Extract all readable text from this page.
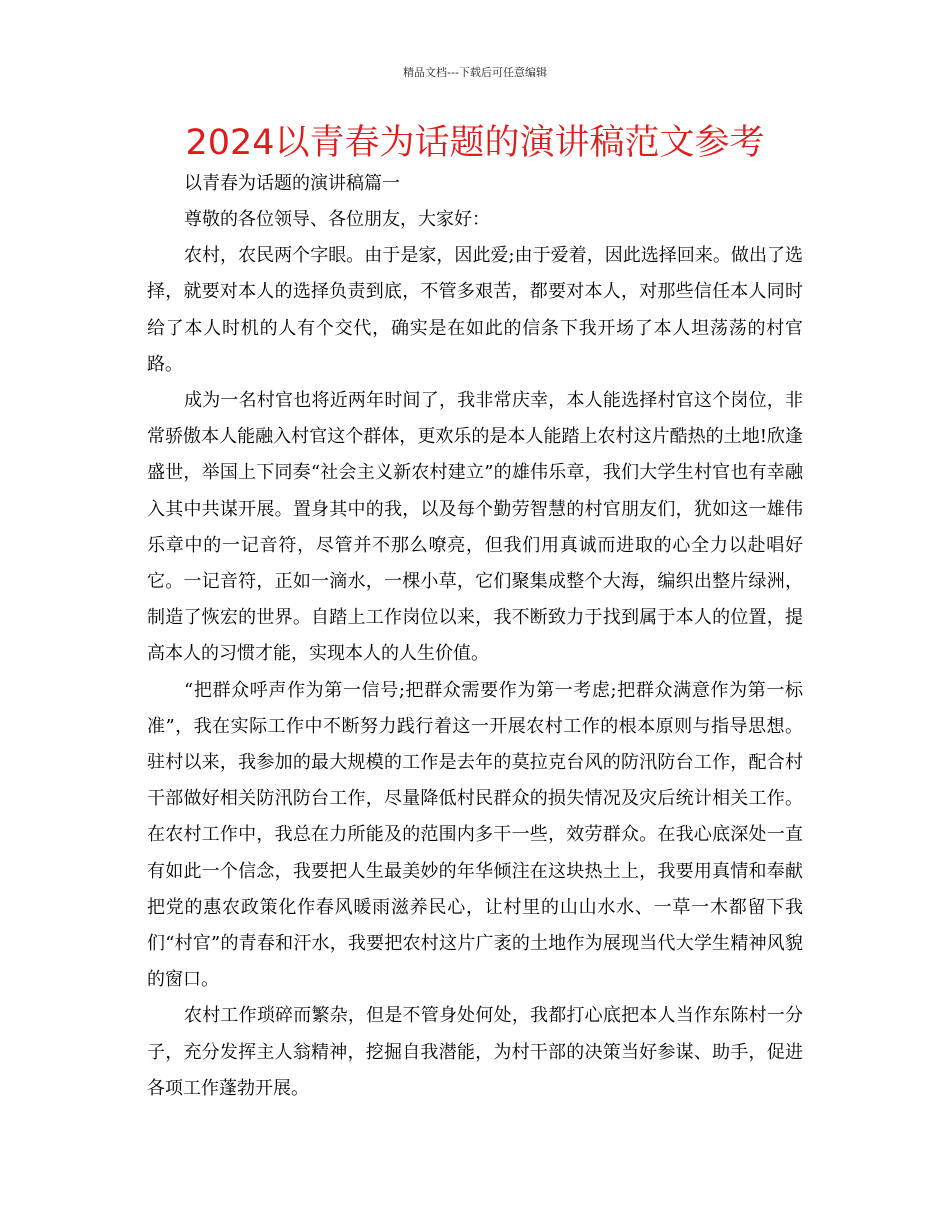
精品文档---下载后可任意编辑
2024以青春为话题的演讲稿范文参考

以青春为话题的演讲稿篇一

尊敬的各位领导、各位朋友，大家好：

农村，农民两个字眼。由于是家，因此爱;由于爱着，因此选择回来。做出了选择，就要对本人的选择负责到底，不管多艰苦，都要对本人，对那些信任本人同时给了本人时机的人有个交代，确实是在如此的信条下我开场了本人坦荡荡的村官路。

成为一名村官也将近两年时间了，我非常庆幸，本人能选择村官这个岗位，非常骄傲本人能融入村官这个群体，更欢乐的是本人能踏上农村这片酷热的土地!欣逢盛世，举国上下同奏“社会主义新农村建立”的雄伟乐章，我们大学生村官也有幸融入其中共谋开展。置身其中的我，以及每个勤劳智慧的村官朋友们，犹如这一雄伟乐章中的一记音符，尽管并不那么嘹亮，但我们用真诚而进取的心全力以赴唱好它。一记音符，正如一滴水，一棵小草，它们聚集成整个大海，编织出整片绿洲，制造了恢宏的世界。自踏上工作岗位以来，我不断致力于找到属于本人的位置，提高本人的习惯才能，实现本人的人生价值。

“把群众呼声作为第一信号;把群众需要作为第一考虑;把群众满意作为第一标准”，我在实际工作中不断努力践行着这一开展农村工作的根本原则与指导思想。驻村以来，我参加的最大规模的工作是去年的莫拉克台风的防汛防台工作，配合村干部做好相关防汛防台工作，尽量降低村民群众的损失情况及灾后统计相关工作。在农村工作中，我总在力所能及的范围内多干一些，效劳群众。在我心底深处一直有如此一个信念，我要把人生最美妙的年华倾注在这块热土上，我要用真情和奉献把党的惠农政策化作春风暖雨滋养民心，让村里的山山水水、一草一木都留下我们“村官”的青春和汗水，我要把农村这片广袤的土地作为展现当代大学生精神风貌的窗口。

农村工作琐碎而繁杂，但是不管身处何处，我都打心底把本人当作东陈村一分子，充分发挥主人翁精神，挖掘自我潜能，为村干部的决策当好参谋、助手，促进各项工作蓬勃开展。
